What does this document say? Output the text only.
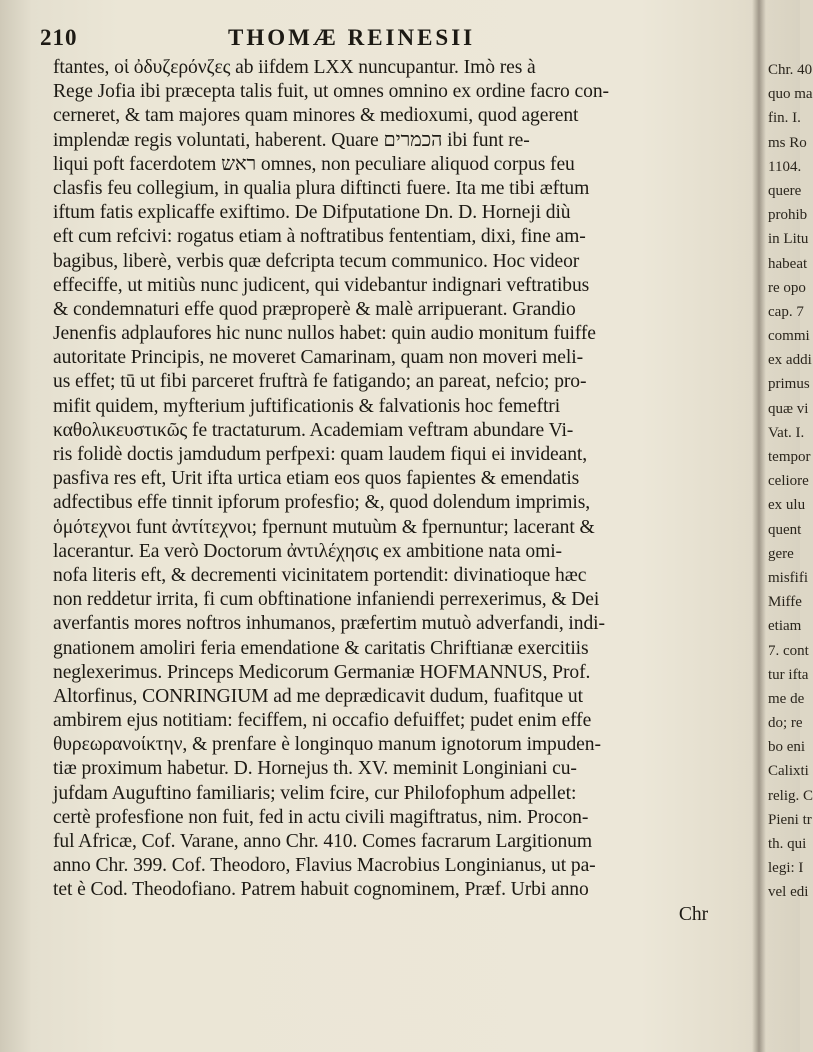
210	THOMÆ REINESII
ftantes, οἱ ὀδυζερόνζες ab iifdem LXX nuncupantur. Imò res à
Rege Jofia ibi præcepta talis fuit, ut omnes omnino ex ordine facro con-
cerneret, & tam majores quam minores & medioxumi, quod agerent
implendæ regis voluntati, haberent. Quare הכמרים ibi funt re-
liqui poft facerdotem ראש omnes, non peculiare aliquod corpus feu
clasfis feu collegium, in qualia plura diftincti fuere. Ita me tibi æftum
iftum fatis explicaffe exiftimo. De Difputatione Dn. D. Horneji diù
eft cum refcivi: rogatus etiam à noftratibus fententiam, dixi, fine am-
bagibus, liberè, verbis quæ defcripta tecum communico. Hoc videor
effeciffe, ut mitiùs nunc judicent, qui videbantur indignari veftratibus
& condemnaturi effe quod præproperè & malè arripuerant. Grandio
Jenenfis adplaufores hic nunc nullos habet: quin audio monitum fuiffe
autoritate Principis, ne moveret Camarinam, quam non moveri meli-
us effet; tū ut fibi parceret fruftrà fe fatigando; an pareat, nefcio; pro-
mifit quidem, myfterium juftificationis & falvationis hoc femeftri
καθολικευστικῶς fe tractaturum. Academiam veftram abundare Vi-
ris folidè doctis jamdudum perfpexi: quam laudem fiqui ei invideant,
pasfiva res eft, Urit ifta urtica etiam eos quos fapientes & emendatis
adfectibus effe tinnit ipforum profesfio; &, quod dolendum imprimis,
ὁμότεχνοι funt ἀντίτεχνοι; fpernunt mutuùm & fpernuntur; lacerant &
lacerantur. Ea verò Doctorum ἀντιλέχησις ex ambitione nata omi-
nofa literis eft, & decrementi vicinitatem portendit: divinatioque hæc
non reddetur irrita, fi cum obftinatione infaniendi perrexerimus, & Dei
averfantis mores noftros inhumanos, præfertim mutuò adverfandi, indi-
gnationem amoliri feria emendatione & caritatis Chriftianæ exercitiis
neglexerimus. Princeps Medicorum Germaniæ HOFMANNUS, Prof.
Altorfinus, CONRINGIUM ad me deprædicavit dudum, fuafitque ut
ambirem ejus notitiam: feciffem, ni occafio defuiffet; pudet enim effe
θυρεωρανοίκτην, & prenfare è longinquo manum ignotorum impuden-
tiæ proximum habetur. D. Hornejus th. XV. meminit Longiniani cu-
jufdam Auguftino familiaris; velim fcire, cur Philofophum adpellet:
certè profesfione non fuit, fed in actu civili magiftratus, nim. Procon-
ful Africæ, Cof. Varane, anno Chr. 410. Comes facrarum Largitionum
anno Chr. 399. Cof. Theodoro, Flavius Macrobius Longinianus, ut pa-
tet è Cod. Theodofiano. Patrem habuit cognominem, Præf. Urbi anno
Chr
Chr. 40
quo ma
fin. I.
ms Ro
1104.
quere
prohib
in Litu
habeat
re opo
cap. 7
commi
ex addi
primus
quæ vi
Vat. I.
tempor
celiore
ex ulu
quent
gere
misfifi
Miffe
etiam
7. cont
tur ifta
me de
do; re
bo eni
Calixti
relig. C
Pieni tr
th. qui
legi: I
vel edi
